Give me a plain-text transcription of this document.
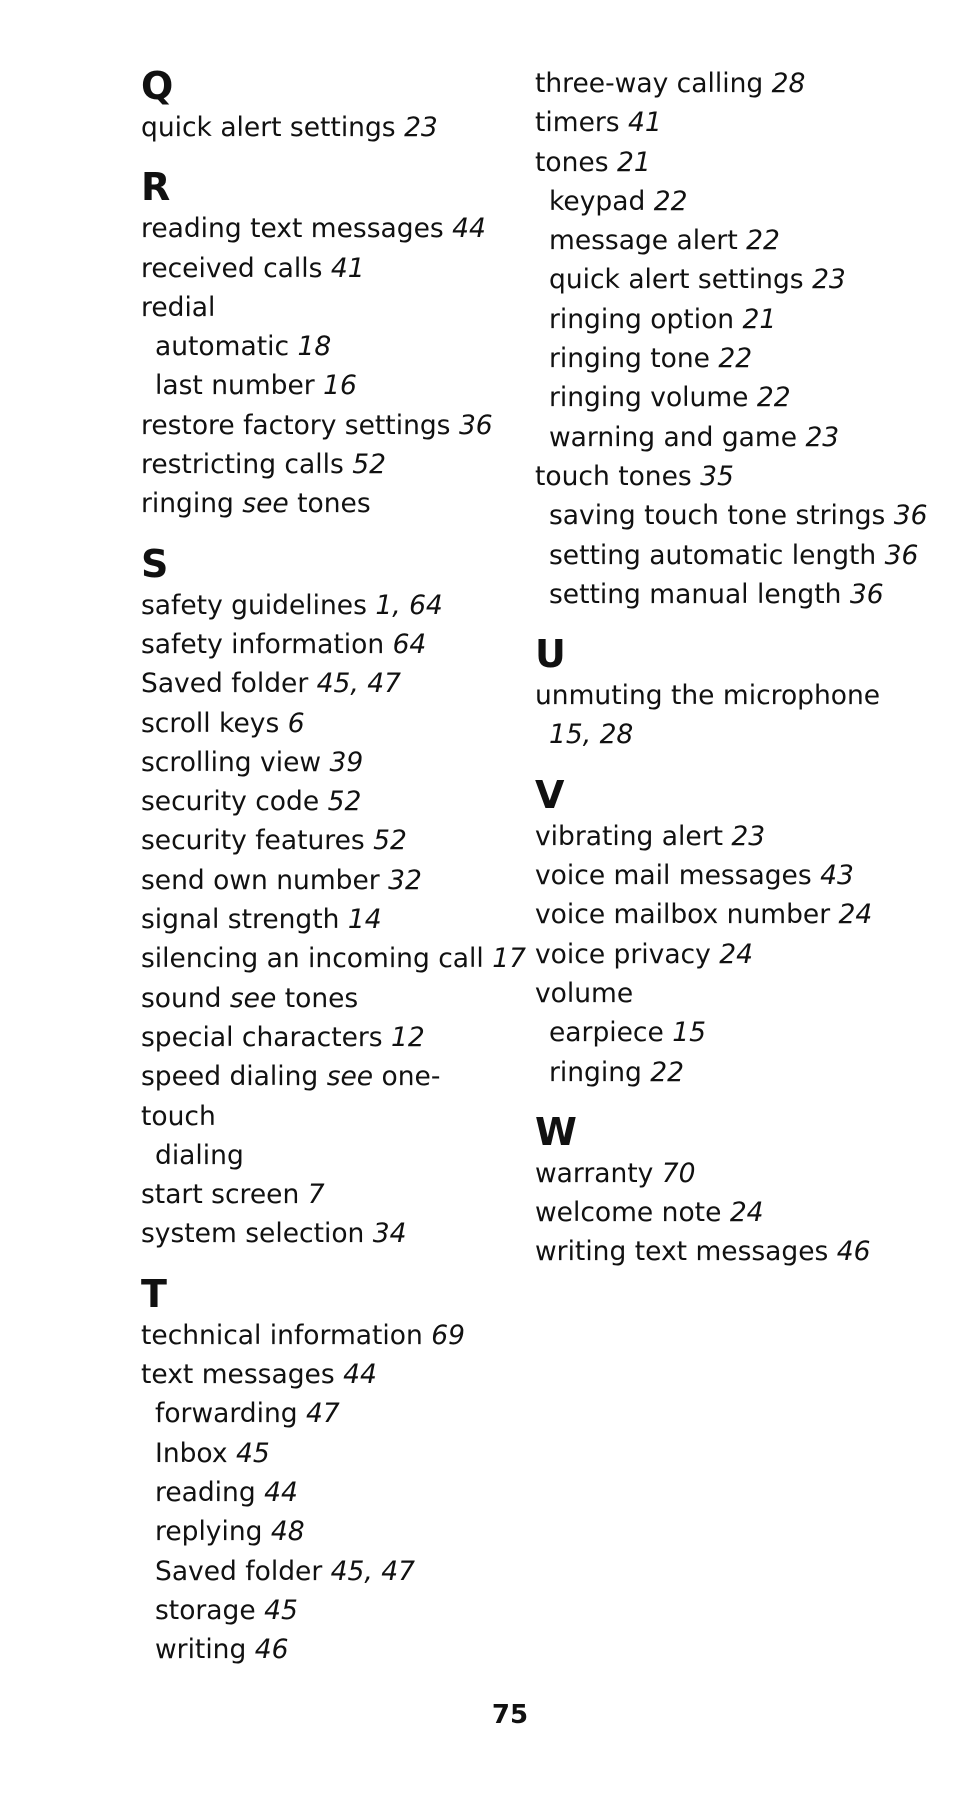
Q
quick alert settings 23
R
reading text messages 44
received calls 41
redial
automatic 18
last number 16
restore factory settings 36
restricting calls 52
ringing see tones
S
safety guidelines 1, 64
safety information 64
Saved folder 45, 47
scroll keys 6
scrolling view 39
security code 52
security features 52
send own number 32
signal strength 14
silencing an incoming call 17
sound see tones
special characters 12
speed dialing see one-touch
dialing
start screen 7
system selection 34
T
technical information 69
text messages 44
forwarding 47
Inbox 45
reading 44
replying 48
Saved folder 45, 47
storage 45
writing 46
three-way calling 28
timers 41
tones 21
keypad 22
message alert 22
quick alert settings 23
ringing option 21
ringing tone 22
ringing volume 22
warning and game 23
touch tones 35
saving touch tone strings 36
setting automatic length 36
setting manual length 36
U
unmuting the microphone
15, 28
V
vibrating alert 23
voice mail messages 43
voice mailbox number 24
voice privacy 24
volume
earpiece 15
ringing 22
W
warranty 70
welcome note 24
writing text messages 46
75
